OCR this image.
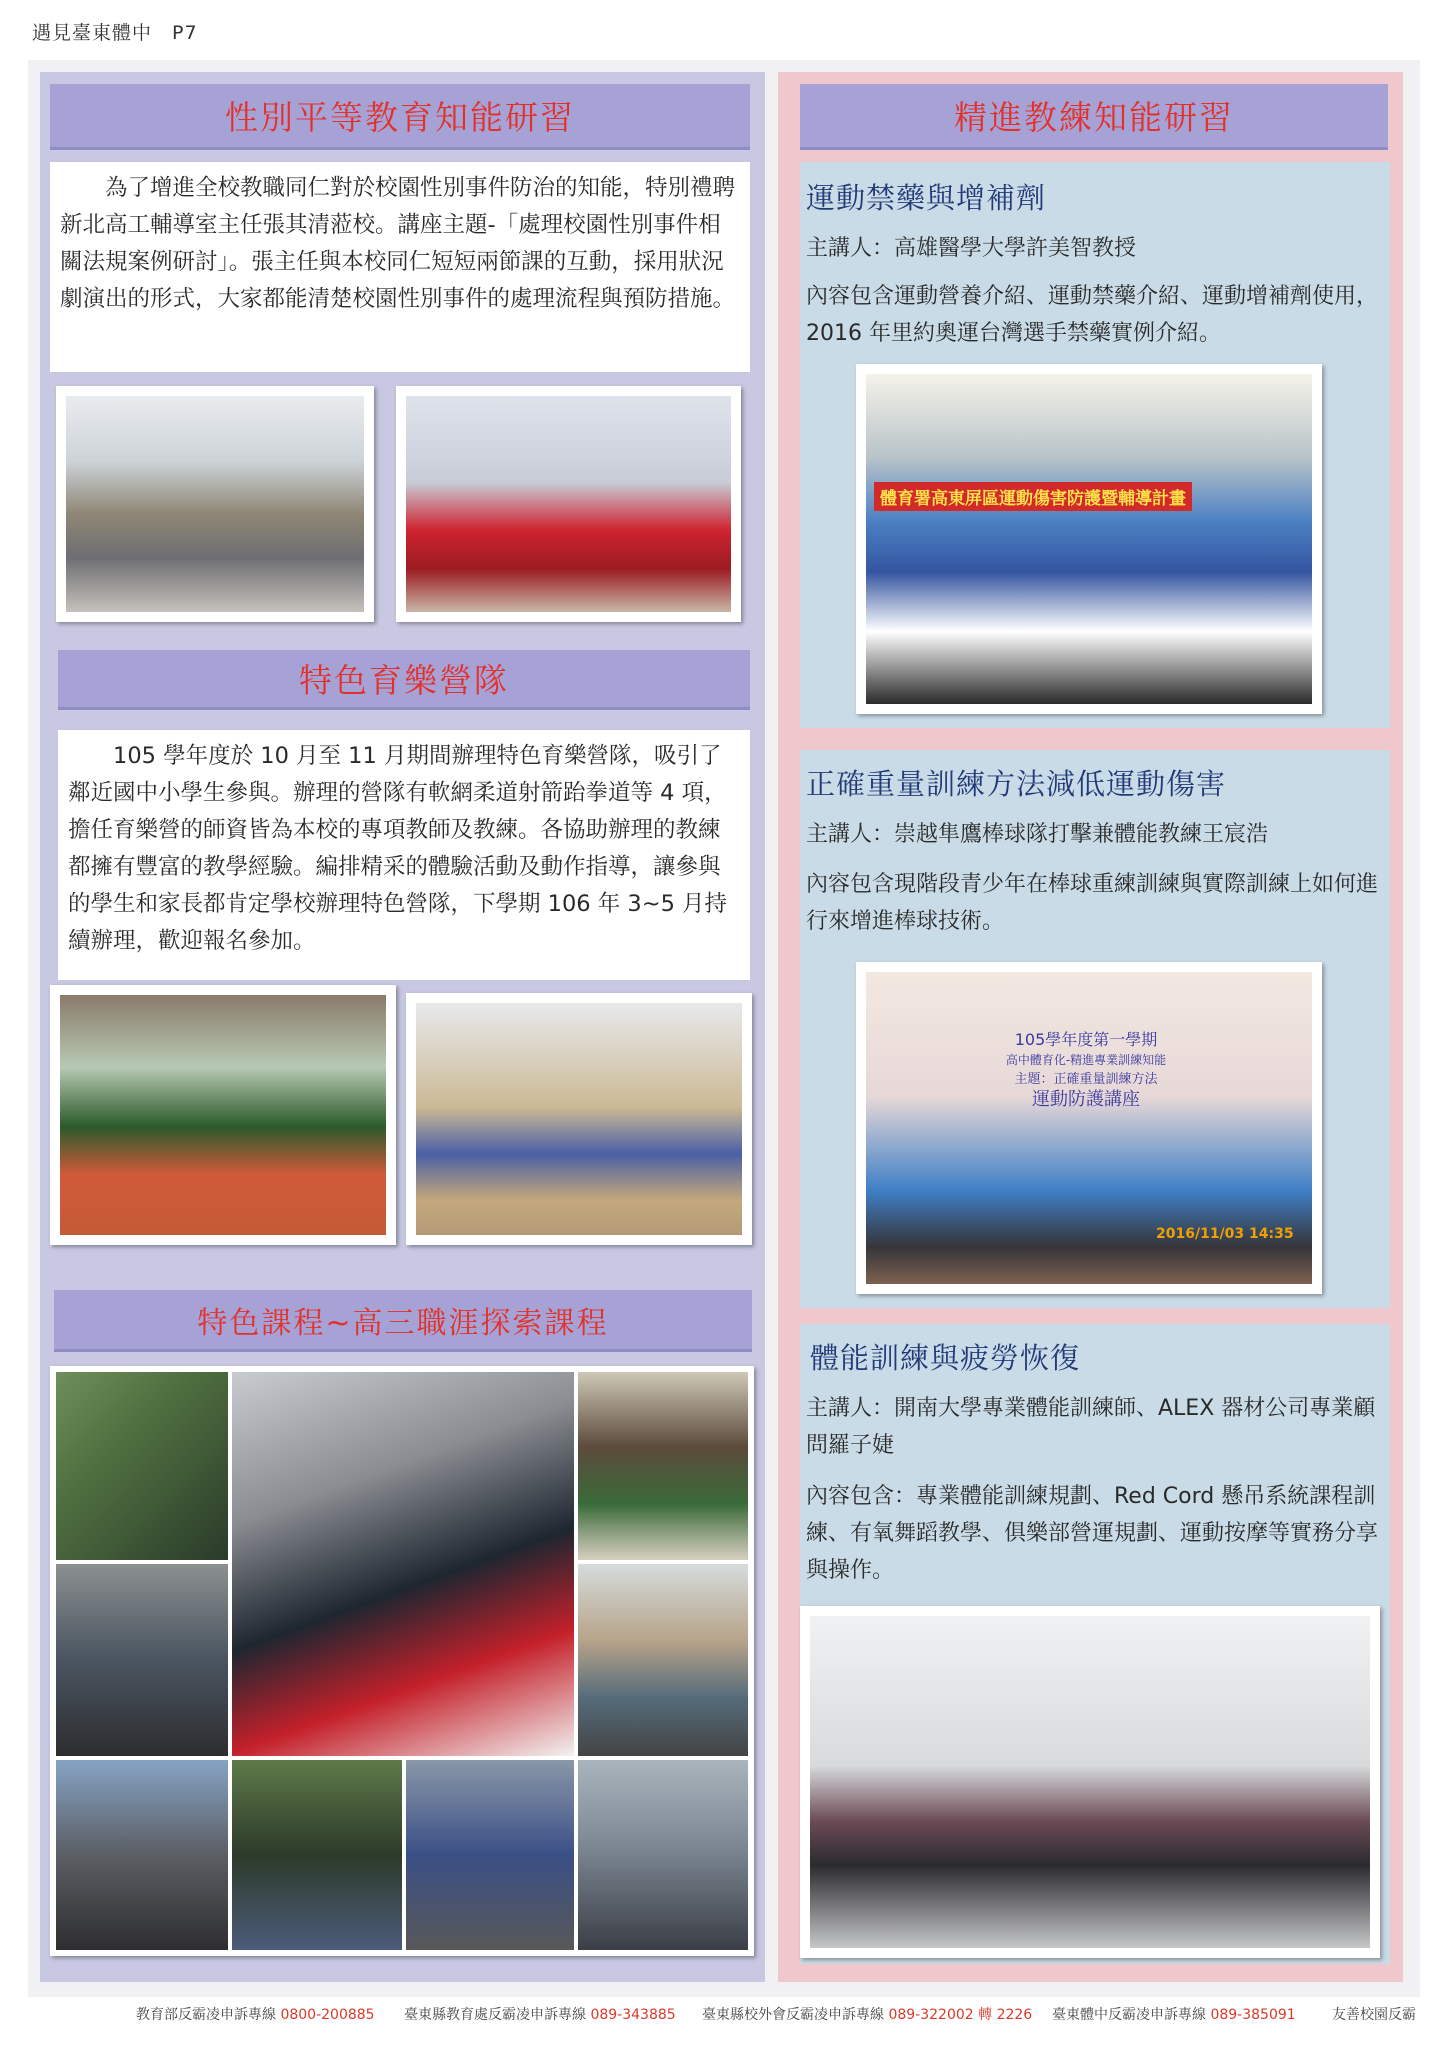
遇見臺東體中　P7
性別平等教育知能研習
為了增進全校教職同仁對於校園性別事件防治的知能，特別禮聘新北高工輔導室主任張其清蒞校。講座主題-「處理校園性別事件相關法規案例研討」。張主任與本校同仁短短兩節課的互動，採用狀況劇演出的形式，大家都能清楚校園性別事件的處理流程與預防措施。
特色育樂營隊
105 學年度於 10 月至 11 月期間辦理特色育樂營隊，吸引了鄰近國中小學生參與。辦理的營隊有軟網柔道射箭跆拳道等 4 項，擔任育樂營的師資皆為本校的專項教師及教練。各協助辦理的教練都擁有豐富的教學經驗。編排精采的體驗活動及動作指導，讓參與的學生和家長都肯定學校辦理特色營隊，下學期 106 年 3~5 月持續辦理，歡迎報名參加。
特色課程~高三職涯探索課程
精進教練知能研習
運動禁藥與增補劑
主講人：高雄醫學大學許美智教授
內容包含運動營養介紹、運動禁藥介紹、運動增補劑使用， 2016 年里約奧運台灣選手禁藥實例介紹。
體育署高東屏區運動傷害防護暨輔導計畫
正確重量訓練方法減低運動傷害
主講人：崇越隼鷹棒球隊打擊兼體能教練王宸浩
內容包含現階段青少年在棒球重練訓練與實際訓練上如何進行來增進棒球技術。
105學年度第一學期
高中體育化-精進專業訓練知能
主題：正確重量訓練方法
運動防護講座
2016/11/03 14:35
體能訓練與疲勞恢復
主講人：開南大學專業體能訓練師、ALEX 器材公司專業顧問羅子婕
內容包含：專業體能訓練規劃、Red Cord 懸吊系統課程訓練、有氧舞蹈教學、俱樂部營運規劃、運動按摩等實務分享與操作。
教育部反霸凌申訴專線 0800-200885 臺東縣教育處反霸凌申訴專線 089-343885 臺東縣校外會反霸凌申訴專線 089-322002 轉 2226 臺東體中反霸凌申訴專線 089-385091	友善校園反霸
